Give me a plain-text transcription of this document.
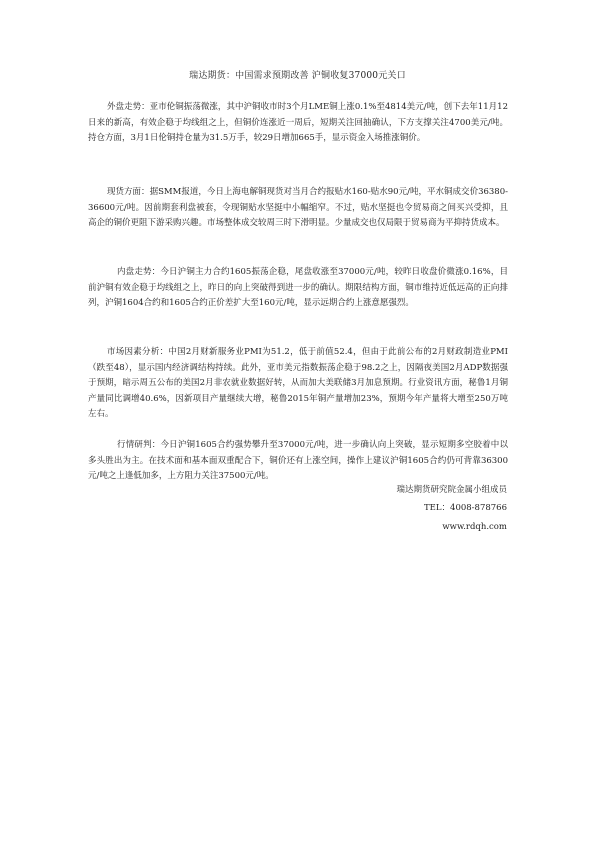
瑞达期货：中国需求预期改善 沪铜收复37000元关口
外盘走势：亚市伦铜振荡微涨，其中沪铜收市时3个月LME铜上涨0.1%至4814美元/吨，创下去年11月12日来的新高，有效企稳于均线组之上，但铜价连涨近一周后，短期关注回抽确认，下方支撑关注4700美元/吨。持仓方面，3月1日伦铜持仓量为31.5万手，较29日增加665手，显示资金入场推涨铜价。
现货方面：据SMM报道，今日上海电解铜现货对当月合约报贴水160-贴水90元/吨，平水铜成交价36380-36600元/吨。因前期套利盘被套，令现铜贴水坚挺中小幅缩窄。不过，贴水坚挺也令贸易商之间买兴受抑，且高企的铜价更阻下游采购兴趣。市场整体成交较周三时下滑明显。少量成交也仅局限于贸易商为平抑持货成本。
内盘走势：今日沪铜主力合约1605振荡企稳，尾盘收涨至37000元/吨，较昨日收盘价微涨0.16%，目前沪铜有效企稳于均线组之上，昨日的向上突破得到进一步的确认。期限结构方面，铜市维持近低远高的正向排列，沪铜1604合约和1605合约正价差扩大至160元/吨，显示远期合约上涨意愿强烈。
市场因素分析：中国2月财新服务业PMI为51.2，低于前值52.4，但由于此前公布的2月财政制造业PMI（跌至48），显示国内经济调结构持续。此外，亚市美元指数振荡企稳于98.2之上，因隔夜美国2月ADP数据强于预期，暗示周五公布的美国2月非农就业数据好转，从而加大美联储3月加息预期。行业资讯方面，秘鲁1月铜产量同比调增40.6%，因新项目产量继续大增，秘鲁2015年铜产量增加23%，预期今年产量将大增至250万吨左右。
行情研判：今日沪铜1605合约强势攀升至37000元/吨，进一步确认向上突破，显示短期多空胶着中以多头胜出为主。在技术面和基本面双重配合下，铜价还有上涨空间，操作上建议沪铜1605合约仍可背靠36300元/吨之上逢低加多，上方阻力关注37500元/吨。
瑞达期货研究院金属小组成员
TEL：4008-878766
www.rdqh.com
